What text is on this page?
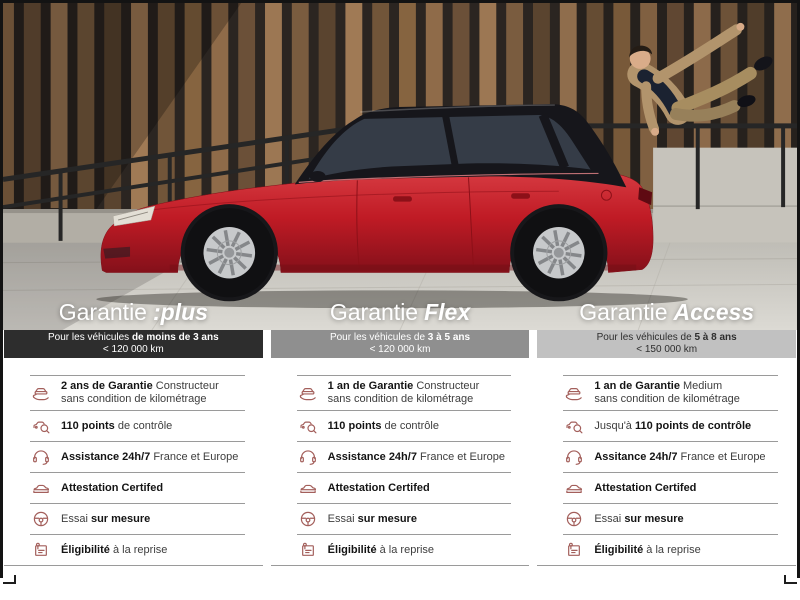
Garantie :plus	Garantie Flex	Garantie Access
Pour les véhicules de moins de 3 ans
< 120 000 km
Pour les véhicules de 3 à 5 ans
< 120 000 km
Pour les véhicules de 5 à 8 ans
< 150 000 km
2 ans de Garantie Constructeur
sans condition de kilométrage
110 points de contrôle
Assistance 24h/7 France et Europe
Attestation Certifed
Essai sur mesure
Éligibilité à la reprise
1 an de Garantie Constructeur
sans condition de kilométrage
110 points de contrôle
Assistance 24h/7 France et Europe
Attestation Certifed
Essai sur mesure
Éligibilité à la reprise
1 an de Garantie Medium
sans condition de kilométrage
Jusqu'à 110 points de contrôle
Assitance 24h/7 France et Europe
Attestation Certifed
Essai sur mesure
Éligibilité à la reprise
